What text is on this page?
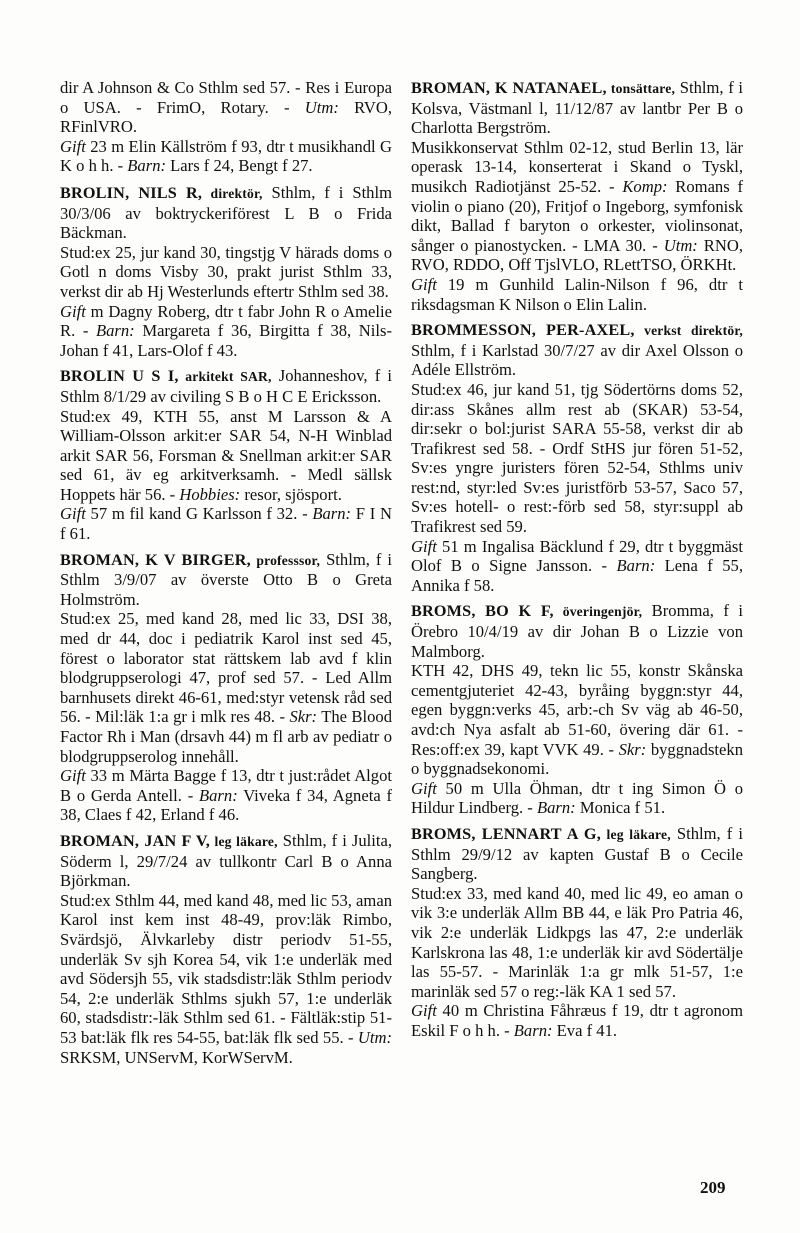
dir A Johnson & Co Sthlm sed 57. - Res i Europa o USA. - FrimO, Rotary. - Utm: RVO, RFinlVRO.
Gift 23 m Elin Källström f 93, dtr t musikhandl G K o h h. - Barn: Lars f 24, Bengt f 27.
BROLIN, NILS R, direktör, Sthlm, f i Sthlm 30/3/06 av boktryckeriförest L B o Frida Bäckman.
Stud:ex 25, jur kand 30, tingstjg V härads doms o Gotl n doms Visby 30, prakt jurist Sthlm 33, verkst dir ab Hj Westerlunds eftertr Sthlm sed 38.
Gift m Dagny Roberg, dtr t fabr John R o Amelie R. - Barn: Margareta f 36, Birgitta f 38, Nils-Johan f 41, Lars-Olof f 43.
BROLIN U S I, arkitekt SAR, Johanneshov, f i Sthlm 8/1/29 av civiling S B o H C E Ericksson.
Stud:ex 49, KTH 55, anst M Larsson & A William-Olsson arkit:er SAR 54, N-H Winblad arkit SAR 56, Forsman & Snellman arkit:er SAR sed 61, äv eg arkitverksamh. - Medl sällsk Hoppets här 56. - Hobbies: resor, sjösport.
Gift 57 m fil kand G Karlsson f 32. - Barn: F I N f 61.
BROMAN, K V BIRGER, professsor, Sthlm, f i Sthlm 3/9/07 av överste Otto B o Greta Holmström.
Stud:ex 25, med kand 28, med lic 33, DSI 38, med dr 44, doc i pediatrik Karol inst sed 45, förest o laborator stat rättskem lab avd f klin blodgruppserologi 47, prof sed 57. - Led Allm barnhusets direkt 46-61, med:styr vetensk råd sed 56. - Mil:läk 1:a gr i mlk res 48. - Skr: The Blood Factor Rh i Man (drsavh 44) m fl arb av pediatr o blodgruppserolog innehåll.
Gift 33 m Märta Bagge f 13, dtr t just:rådet Algot B o Gerda Antell. - Barn: Viveka f 34, Agneta f 38, Claes f 42, Erland f 46.
BROMAN, JAN F V, leg läkare, Sthlm, f i Julita, Söderm l, 29/7/24 av tullkontr Carl B o Anna Björkman.
Stud:ex Sthlm 44, med kand 48, med lic 53, aman Karol inst kem inst 48-49, prov:läk Rimbo, Svärdsjö, Älvkarleby distr periodv 51-55, underläk Sv sjh Korea 54, vik 1:e underläk med avd Södersjh 55, vik stadsdistr:läk Sthlm periodv 54, 2:e underläk Sthlms sjukh 57, 1:e underläk 60, stadsdistr:-läk Sthlm sed 61. - Fältläk:stip 51-53 bat:läk flk res 54-55, bat:läk flk sed 55. - Utm: SRKSM, UNServM, KorWServM.
BROMAN, K NATANAEL, tonsättare, Sthlm, f i Kolsva, Västmanl l, 11/12/87 av lantbr Per B o Charlotta Bergström.
Musikkonservat Sthlm 02-12, stud Berlin 13, lär operask 13-14, konserterat i Skand o Tyskl, musikch Radiotjänst 25-52. - Komp: Romans f violin o piano (20), Fritjof o Ingeborg, symfonisk dikt, Ballad f baryton o orkester, violinsonat, sånger o pianostycken. - LMA 30. - Utm: RNO, RVO, RDDO, Off TjslVLO, RLettTSO, ÖRKHt.
Gift 19 m Gunhild Lalin-Nilson f 96, dtr t riksdagsman K Nilson o Elin Lalin.
BROMMESSON, PER-AXEL, verkst direktör, Sthlm, f i Karlstad 30/7/27 av dir Axel Olsson o Adéle Ellström.
Stud:ex 46, jur kand 51, tjg Södertörns doms 52, dir:ass Skånes allm rest ab (SKAR) 53-54, dir:sekr o bol:jurist SARA 55-58, verkst dir ab Trafikrest sed 58. - Ordf StHS jur fören 51-52, Sv:es yngre juristers fören 52-54, Sthlms univ rest:nd, styr:led Sv:es juristförb 53-57, Saco 57, Sv:es hotell- o rest:-förb sed 58, styr:suppl ab Trafikrest sed 59.
Gift 51 m Ingalisa Bäcklund f 29, dtr t byggmäst Olof B o Signe Jansson. - Barn: Lena f 55, Annika f 58.
BROMS, BO K F, överingenjör, Bromma, f i Örebro 10/4/19 av dir Johan B o Lizzie von Malmborg.
KTH 42, DHS 49, tekn lic 55, konstr Skånska cementgjuteriet 42-43, byråing byggn:styr 44, egen byggn:verks 45, arb:-ch Sv väg ab 46-50, avd:ch Nya asfalt ab 51-60, övering där 61. - Res:off:ex 39, kapt VVK 49. - Skr: byggnadstekn o byggnadsekonomi.
Gift 50 m Ulla Öhman, dtr t ing Simon Ö o Hildur Lindberg. - Barn: Monica f 51.
BROMS, LENNART A G, leg läkare, Sthlm, f i Sthlm 29/9/12 av kapten Gustaf B o Cecile Sangberg.
Stud:ex 33, med kand 40, med lic 49, eo aman o vik 3:e underläk Allm BB 44, e läk Pro Patria 46, vik 2:e underläk Lidkpgs las 47, 2:e underläk Karlskrona las 48, 1:e underläk kir avd Södertälje las 55-57. - Marinläk 1:a gr mlk 51-57, 1:e marinläk sed 57 o reg:-läk KA 1 sed 57.
Gift 40 m Christina Fåhræus f 19, dtr t agronom Eskil F o h h. - Barn: Eva f 41.
209
